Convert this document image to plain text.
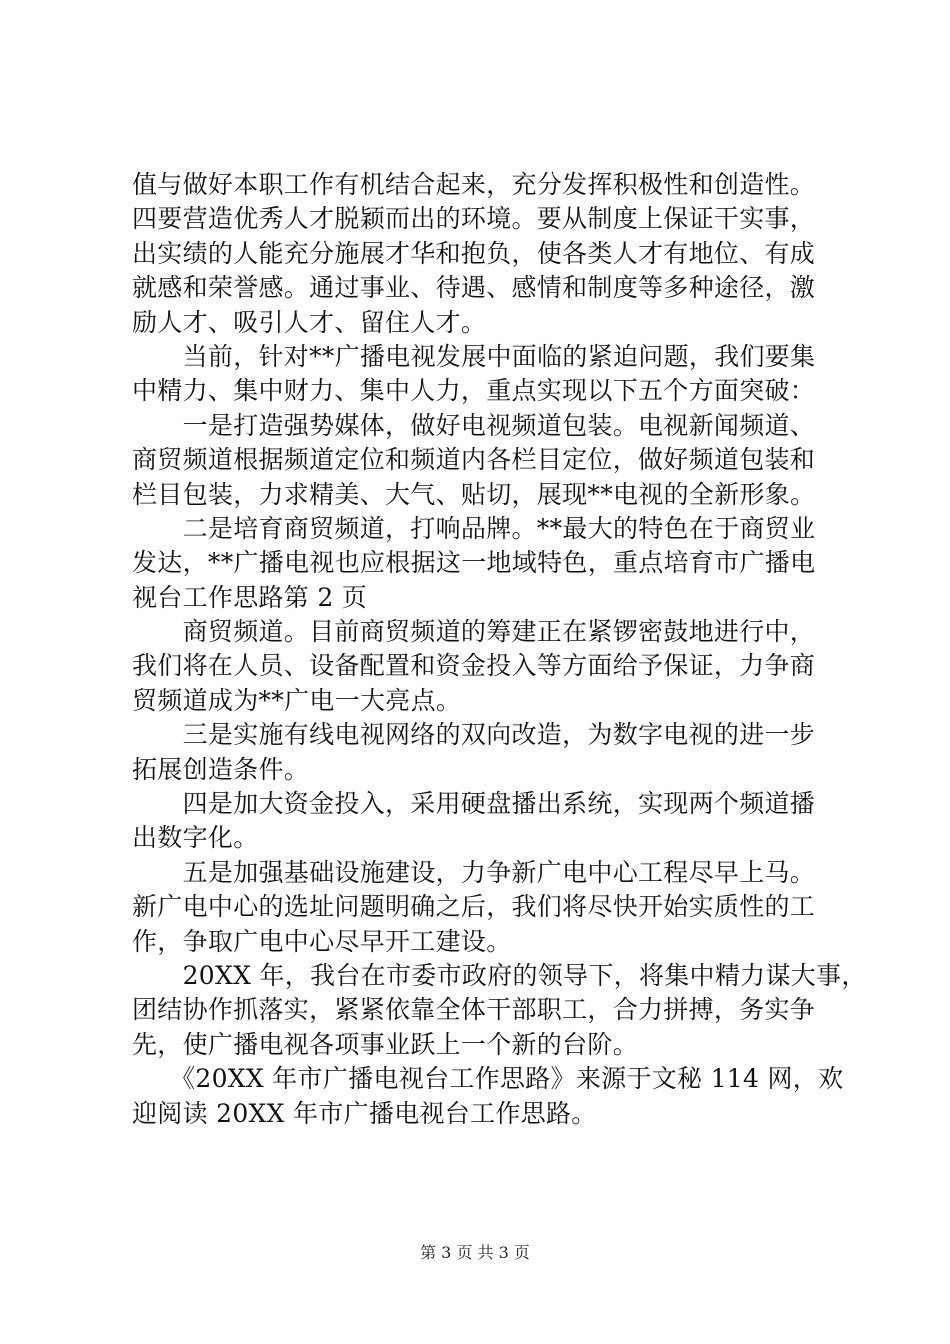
值与做好本职工作有机结合起来，充分发挥积极性和创造性。
四要营造优秀人才脱颖而出的环境。要从制度上保证干实事，
出实绩的人能充分施展才华和抱负，使各类人才有地位、有成
就感和荣誉感。通过事业、待遇、感情和制度等多种途径，激
励人才、吸引人才、留住人才。
　　当前，针对**广播电视发展中面临的紧迫问题，我们要集
中精力、集中财力、集中人力，重点实现以下五个方面突破：
　　一是打造强势媒体，做好电视频道包装。电视新闻频道、
商贸频道根据频道定位和频道内各栏目定位，做好频道包装和
栏目包装，力求精美、大气、贴切，展现**电视的全新形象。
　　二是培育商贸频道，打响品牌。**最大的特色在于商贸业
发达，**广播电视也应根据这一地域特色，重点培育市广播电
视台工作思路第 2 页
　　商贸频道。目前商贸频道的筹建正在紧锣密鼓地进行中，
我们将在人员、设备配置和资金投入等方面给予保证，力争商
贸频道成为**广电一大亮点。
　　三是实施有线电视网络的双向改造，为数字电视的进一步
拓展创造条件。
　　四是加大资金投入，采用硬盘播出系统，实现两个频道播
出数字化。
　　五是加强基础设施建设，力争新广电中心工程尽早上马。
新广电中心的选址问题明确之后，我们将尽快开始实质性的工
作，争取广电中心尽早开工建设。
　　20XX 年，我台在市委市政府的领导下，将集中精力谋大事，
团结协作抓落实，紧紧依靠全体干部职工，合力拼搏，务实争
先，使广播电视各项事业跃上一个新的台阶。
　　《20XX 年市广播电视台工作思路》来源于文秘 114 网，欢
迎阅读 20XX 年市广播电视台工作思路。
第 3 页 共 3 页
